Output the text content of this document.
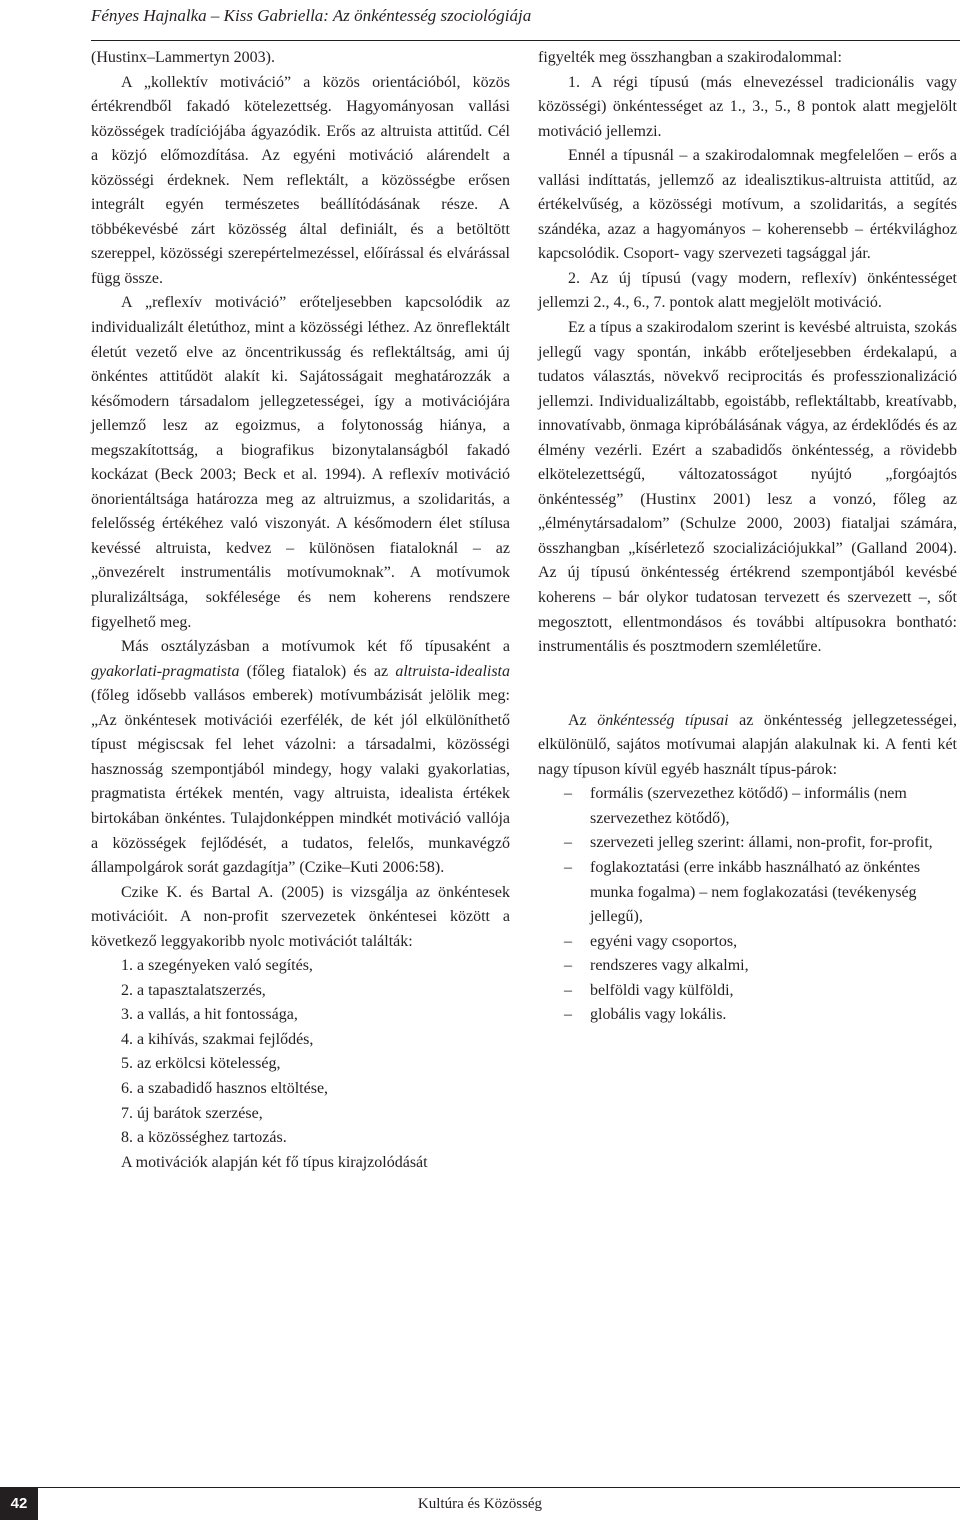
Fényes Hajnalka – Kiss Gabriella: Az önkéntesség szociológiája

(Hustinx–Lammertyn 2003).

A „kollektív motiváció” a közös orientációból, közös értékrendből fakadó kötelezettség. Hagyományosan vallási közösségek tradíciójába ágyazódik. Erős az altruista attitűd. Cél a közjó előmozdítása. Az egyéni motiváció alárendelt a közösségi érdeknek. Nem reflektált, a közösségbe erősen integrált egyén természetes beállítódásának része. A többékevésbé zárt közösség által definiált, és a betöltött szereppel, közösségi szerepértelmezéssel, előírással és elvárással függ össze.

A „reflexív motiváció” erőteljesebben kapcsolódik az individualizált életúthoz, mint a közösségi léthez. Az önreflektált életút vezető elve az öncentrikusság és reflektáltság, ami új önkéntes attitűdöt alakít ki. Sajátosságait meghatározzák a későmodern társadalom jellegzetességei, így a motivációjára jellemző lesz az egoizmus, a folytonosság hiánya, a megszakítottság, a biografikus bizonytalanságból fakadó kockázat (Beck 2003; Beck et al. 1994). A reflexív motiváció önorientáltsága határozza meg az altruizmus, a szolidaritás, a felelősség értékéhez való viszonyát. A későmodern élet stílusa kevéssé altruista, kedvez – különösen fiataloknál – az „önvezérelt instrumentális motívumoknak”. A motívumok pluralizáltsága, sokfélesége és nem koherens rendszere figyelhető meg.

Más osztályzásban a motívumok két fő típusaként a gyakorlati-pragmatista (főleg fiatalok) és az altruista-idealista (főleg idősebb vallásos emberek) motívumbázisát jelölik meg: „Az önkéntesek motivációi ezerfélék, de két jól elkülöníthető típust mégiscsak fel lehet vázolni: a társadalmi, közösségi hasznosság szempontjából mindegy, hogy valaki gyakorlatias, pragmatista értékek mentén, vagy altruista, idealista értékek birtokában önkéntes. Tulajdonképpen mindkét motiváció vallója a közösségek fejlődését, a tudatos, felelős, munkavégző állampolgárok sorát gazdagítja” (Czike–Kuti 2006:58).

Czike K. és Bartal A. (2005) is vizsgálja az önkéntesek motivációit. A non-profit szervezetek önkéntesei között a következő leggyakoribb nyolc motivációt találták:

1. a szegényeken való segítés,
2. a tapasztalatszerzés,
3. a vallás, a hit fontossága,
4. a kihívás, szakmai fejlődés,
5. az erkölcsi kötelesség,
6. a szabadidő hasznos eltöltése,
7. új barátok szerzése,
8. a közösséghez tartozás.

A motivációk alapján két fő típus kirajzolódását

figyelték meg összhangban a szakirodalommal:

1. A régi típusú (más elnevezéssel tradicionális vagy közösségi) önkéntességet az 1., 3., 5., 8 pontok alatt megjelölt motiváció jellemzi.

Ennél a típusnál – a szakirodalomnak megfelelően – erős a vallási indíttatás, jellemző az idealisztikus-altruista attitűd, az értékelvűség, a közösségi motívum, a szolidaritás, a segítés szándéka, azaz a hagyományos – koherensebb – értékvilághoz kapcsolódik. Csoport- vagy szervezeti tagsággal jár.

2. Az új típusú (vagy modern, reflexív) önkéntességet jellemzi 2., 4., 6., 7. pontok alatt megjelölt motiváció.

Ez a típus a szakirodalom szerint is kevésbé altruista, szokás jellegű vagy spontán, inkább erőteljesebben érdekalapú, a tudatos választás, növekvő reciprocitás és professzionalizáció jellemzi. Individualizáltabb, egoistább, reflektáltabb, kreatívabb, innovatívabb, önmaga kipróbálásának vágya, az érdeklődés és az élmény vezérli. Ezért a szabadidős önkéntesség, a rövidebb elkötelezettségű, változatosságot nyújtó „forgóajtós önkéntesség” (Hustinx 2001) lesz a vonzó, főleg az „élménytársadalom” (Schulze 2000, 2003) fiataljai számára, összhangban „kísérletező szocializációjukkal” (Galland 2004). Az új típusú önkéntesség értékrend szempontjából kevésbé koherens – bár olykor tudatosan tervezett és szervezett –, sőt megosztott, ellentmondásos és további altípusokra bontható: instrumentális és posztmodern szemléletűre.

Az önkéntesség típusai az önkéntesség jellegzetességei, elkülönülő, sajátos motívumai alapján alakulnak ki. A fenti két nagy típuson kívül egyéb használt típus-párok:

– formális (szervezethez kötődő) – informális (nem szervezethez kötődő),
– szervezeti jelleg szerint: állami, non-profit, for-profit,
– foglakoztatási (erre inkább használható az önkéntes munka fogalma) – nem foglakozatási (tevékenység jellegű),
– egyéni vagy csoportos,
– rendszeres vagy alkalmi,
– belföldi vagy külföldi,
– globális vagy lokális.
42	Kultúra és Közösség
